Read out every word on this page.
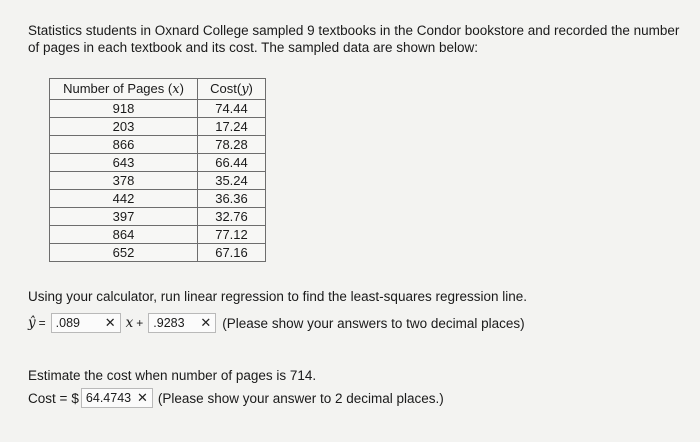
Statistics students in Oxnard College sampled 9 textbooks in the Condor bookstore and recorded the number of pages in each textbook and its cost. The sampled data are shown below:

Number of Pages (x)	Cost(y)
918	74.44
203	17.24
866	78.28
643	66.44
378	35.24
442	36.36
397	32.76
864	77.12
652	67.16

Using your calculator, run linear regression to find the least-squares regression line.

ŷ = .089	✕ x + .9283	✕ (Please show your answers to two decimal places)

Estimate the cost when number of pages is 714.

Cost = $ 64.4743 ✕ (Please show your answer to 2 decimal places.)
